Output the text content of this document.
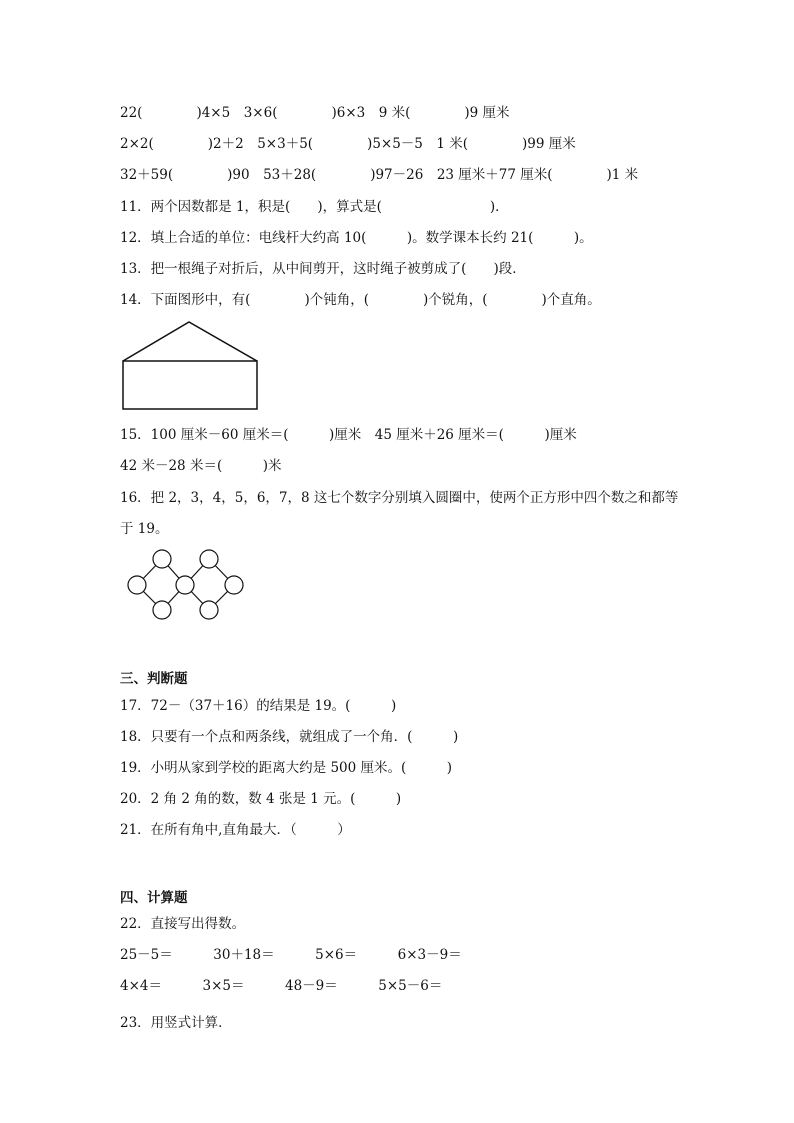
22(　　　　)4×5　3×6(　　　　)6×3　9 米(　　　　)9 厘米
2×2(　　　　)2＋2　5×3＋5(　　　　)5×5－5　1 米(　　　　)99 厘米
32＋59(　　　　)90　53＋28(　　　　)97－26　23 厘米＋77 厘米(　　　　)1 米
11．两个因数都是 1，积是(　　)，算式是(　　　　　　　　)．
12．填上合适的单位：电线杆大约高 10(　　　)。数学课本长约 21(　　　)。
13．把一根绳子对折后，从中间剪开，这时绳子被剪成了(　　)段．
14．下面图形中，有(　　　　)个钝角，(　　　　)个锐角，(　　　　)个直角。
15．100 厘米－60 厘米＝(　　　)厘米　45 厘米＋26 厘米＝(　　　)厘米
42 米－28 米＝(　　　)米
16．把 2，3，4，5，6，7，8 这七个数字分别填入圆圈中，使两个正方形中四个数之和都等
于 19。
三、判断题
17．72－（37＋16）的结果是 19。(　　　)
18．只要有一个点和两条线，就组成了一个角．(　　　)
19．小明从家到学校的距离大约是 500 厘米。(　　　)
20．2 角 2 角的数，数 4 张是 1 元。(　　　)
21．在所有角中,直角最大．（　　　）
四、计算题
22．直接写出得数。
25－5＝　　　30＋18＝　　　5×6＝　　　6×3－9＝
4×4＝　　　3×5＝　　　48－9＝　　　5×5－6＝
23．用竖式计算．
